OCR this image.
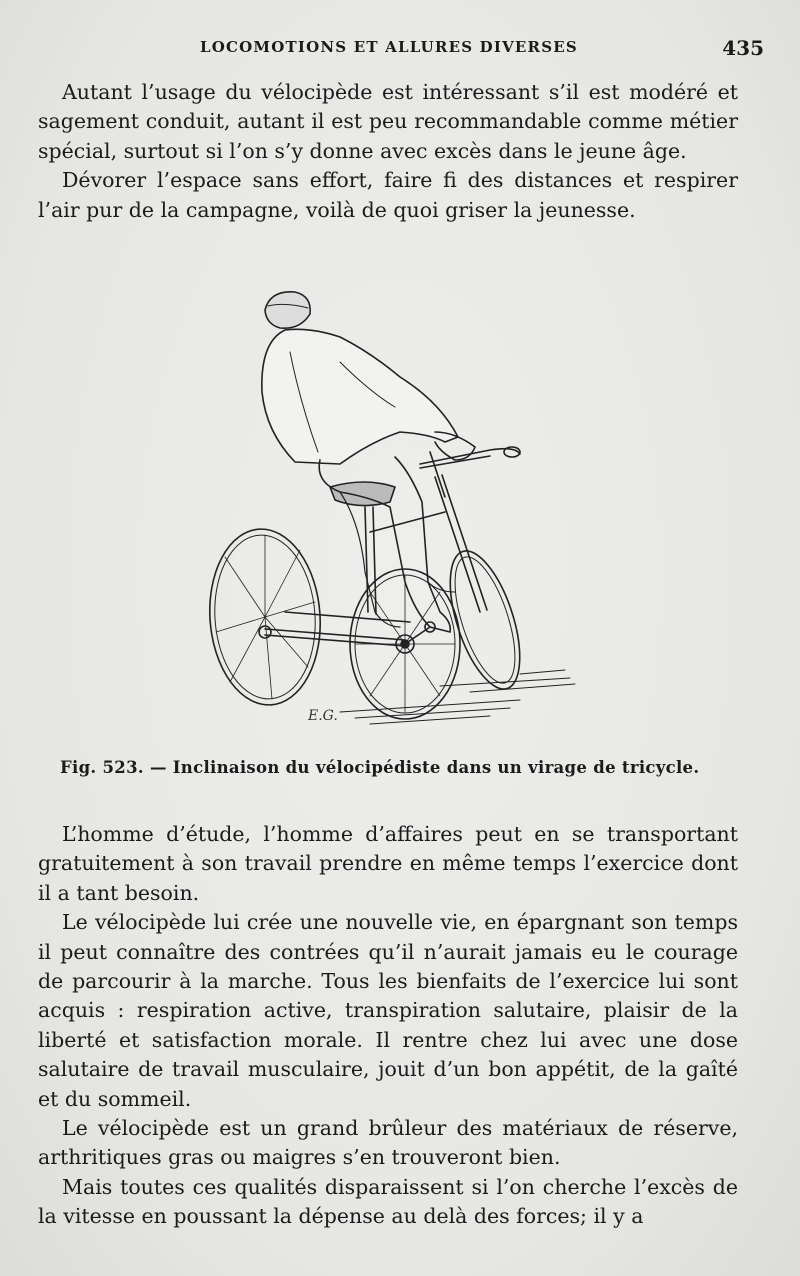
LOCOMOTIONS ET ALLURES DIVERSES	435

Autant l’usage du vélocipède est intéressant s’il est modéré et sagement conduit, autant il est peu recommandable comme métier spécial, surtout si l’on s’y donne avec excès dans le jeune âge.

Dévorer l’espace sans effort, faire fi des distances et respirer l’air pur de la campagne, voilà de quoi griser la jeunesse.

E.G.
Fig. 523. — Inclinaison du vélocipédiste dans un virage de tricycle.

L’homme d’étude, l’homme d’affaires peut en se transportant gratuitement à son travail prendre en même temps l’exercice dont il a tant besoin.

Le vélocipède lui crée une nouvelle vie, en épargnant son temps il peut connaître des contrées qu’il n’aurait jamais eu le courage de parcourir à la marche. Tous les bienfaits de l’exercice lui sont acquis : respiration active, transpiration salutaire, plaisir de la liberté et satisfaction morale. Il rentre chez lui avec une dose salutaire de travail musculaire, jouit d’un bon appétit, de la gaîté et du sommeil.

Le vélocipède est un grand brûleur des matériaux de réserve, arthritiques gras ou maigres s’en trouveront bien.

Mais toutes ces qualités disparaissent si l’on cherche l’excès de la vitesse en poussant la dépense au delà des forces; il y a
